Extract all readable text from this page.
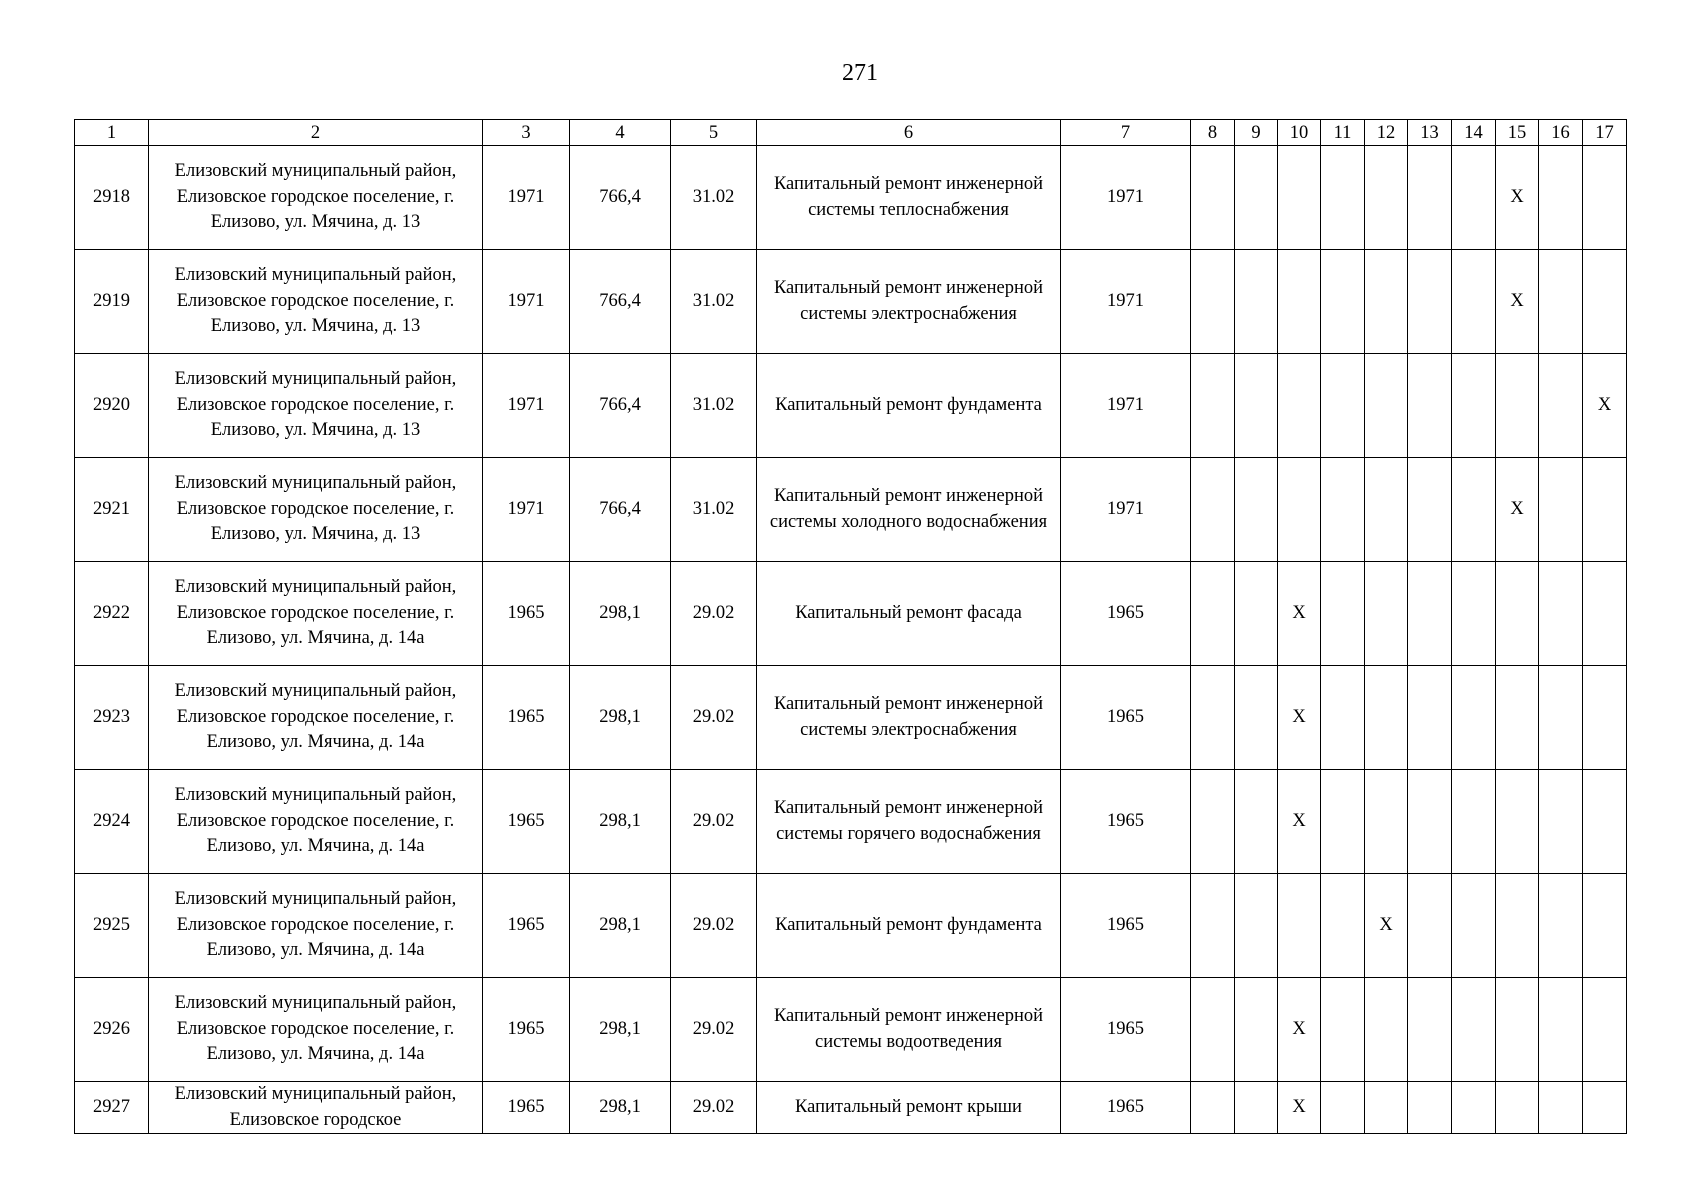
271
1	2	3	4	5	6	7	8	9	10	11	12	13	14	15	16	17
2918	Елизовский муниципальный район, Елизовское городское поселение, г. Елизово, ул. Мячина, д. 13	1971	766,4	31.02	Капитальный ремонт инженерной системы теплоснабжения	1971								X		
2919	Елизовский муниципальный район, Елизовское городское поселение, г. Елизово, ул. Мячина, д. 13	1971	766,4	31.02	Капитальный ремонт инженерной системы электроснабжения	1971								X		
2920	Елизовский муниципальный район, Елизовское городское поселение, г. Елизово, ул. Мячина, д. 13	1971	766,4	31.02	Капитальный ремонт фундамента	1971										X
2921	Елизовский муниципальный район, Елизовское городское поселение, г. Елизово, ул. Мячина, д. 13	1971	766,4	31.02	Капитальный ремонт инженерной системы холодного водоснабжения	1971								X		
2922	Елизовский муниципальный район, Елизовское городское поселение, г. Елизово, ул. Мячина, д. 14а	1965	298,1	29.02	Капитальный ремонт фасада	1965			X							
2923	Елизовский муниципальный район, Елизовское городское поселение, г. Елизово, ул. Мячина, д. 14а	1965	298,1	29.02	Капитальный ремонт инженерной системы электроснабжения	1965			X							
2924	Елизовский муниципальный район, Елизовское городское поселение, г. Елизово, ул. Мячина, д. 14а	1965	298,1	29.02	Капитальный ремонт инженерной системы горячего водоснабжения	1965			X							
2925	Елизовский муниципальный район, Елизовское городское поселение, г. Елизово, ул. Мячина, д. 14а	1965	298,1	29.02	Капитальный ремонт фундамента	1965					X					
2926	Елизовский муниципальный район, Елизовское городское поселение, г. Елизово, ул. Мячина, д. 14а	1965	298,1	29.02	Капитальный ремонт инженерной системы водоотведения	1965			X							
2927	Елизовский муниципальный район, Елизовское городское	1965	298,1	29.02	Капитальный ремонт крыши	1965			X							
